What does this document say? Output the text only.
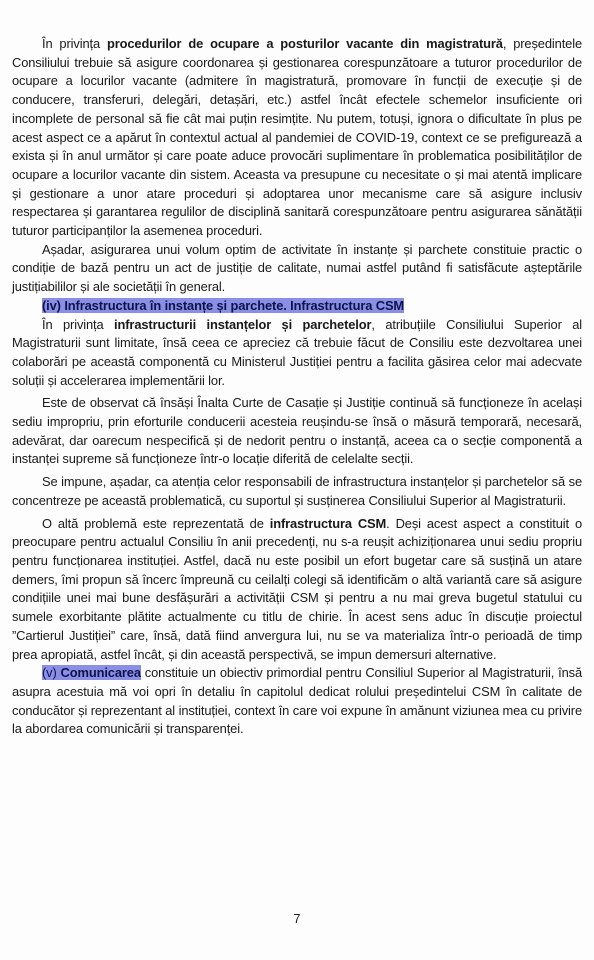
În privința procedurilor de ocupare a posturilor vacante din magistratură, președintele Consiliului trebuie să asigure coordonarea și gestionarea corespunzătoare a tuturor procedurilor de ocupare a locurilor vacante (admitere în magistratură, promovare în funcții de execuție și de conducere, transferuri, delegări, detașări, etc.) astfel încât efectele schemelor insuficiente ori incomplete de personal să fie cât mai puțin resimțite. Nu putem, totuși, ignora o dificultate în plus pe acest aspect ce a apărut în contextul actual al pandemiei de COVID-19, context ce se prefigurează a exista și în anul următor și care poate aduce provocări suplimentare în problematica posibilităților de ocupare a locurilor vacante din sistem. Aceasta va presupune cu necesitate o și mai atentă implicare și gestionare a unor atare proceduri și adoptarea unor mecanisme care să asigure inclusiv respectarea și garantarea regulilor de disciplină sanitară corespunzătoare pentru asigurarea sănătății tuturor participanților la asemenea proceduri.

Așadar, asigurarea unui volum optim de activitate în instanțe și parchete constituie practic o condiție de bază pentru un act de justiție de calitate, numai astfel putând fi satisfăcute așteptările justițiabililor și ale societății în general.

(iv) Infrastructura în instanțe și parchete. Infrastructura CSM

În privința infrastructurii instanțelor și parchetelor, atribuțiile Consiliului Superior al Magistraturii sunt limitate, însă ceea ce apreciez că trebuie făcut de Consiliu este dezvoltarea unei colaborări pe această componentă cu Ministerul Justiției pentru a facilita găsirea celor mai adecvate soluții și accelerarea implementării lor.

Este de observat că însăși Înalta Curte de Casație și Justiție continuă să funcționeze în același sediu impropriu, prin eforturile conducerii acesteia reușindu-se însă o măsură temporară, necesară, adevărat, dar oarecum nespecifică și de nedorit pentru o instanță, aceea ca o secție componentă a instanței supreme să funcționeze într-o locație diferită de celelalte secții.

Se impune, așadar, ca atenția celor responsabili de infrastructura instanțelor și parchetelor să se concentreze pe această problematică, cu suportul și susținerea Consiliului Superior al Magistraturii.

O altă problemă este reprezentată de infrastructura CSM. Deși acest aspect a constituit o preocupare pentru actualul Consiliu în anii precedenți, nu s-a reușit achiziționarea unui sediu propriu pentru funcționarea instituției. Astfel, dacă nu este posibil un efort bugetar care să susțină un atare demers, îmi propun să încerc împreună cu ceilalți colegi să identificăm o altă variantă care să asigure condițiile unei mai bune desfășurări a activității CSM și pentru a nu mai greva bugetul statului cu sumele exorbitante plătite actualmente cu titlu de chirie. În acest sens aduc în discuție proiectul ”Cartierul Justiției” care, însă, dată fiind anvergura lui, nu se va materializa într-o perioadă de timp prea apropiată, astfel încât, și din această perspectivă, se impun demersuri alternative.

(v) Comunicarea constituie un obiectiv primordial pentru Consiliul Superior al Magistraturii, însă asupra acestuia mă voi opri în detaliu în capitolul dedicat rolului președintelui CSM în calitate de conducător și reprezentant al instituției, context în care voi expune în amănunt viziunea mea cu privire la abordarea comunicării și transparenței.

7
